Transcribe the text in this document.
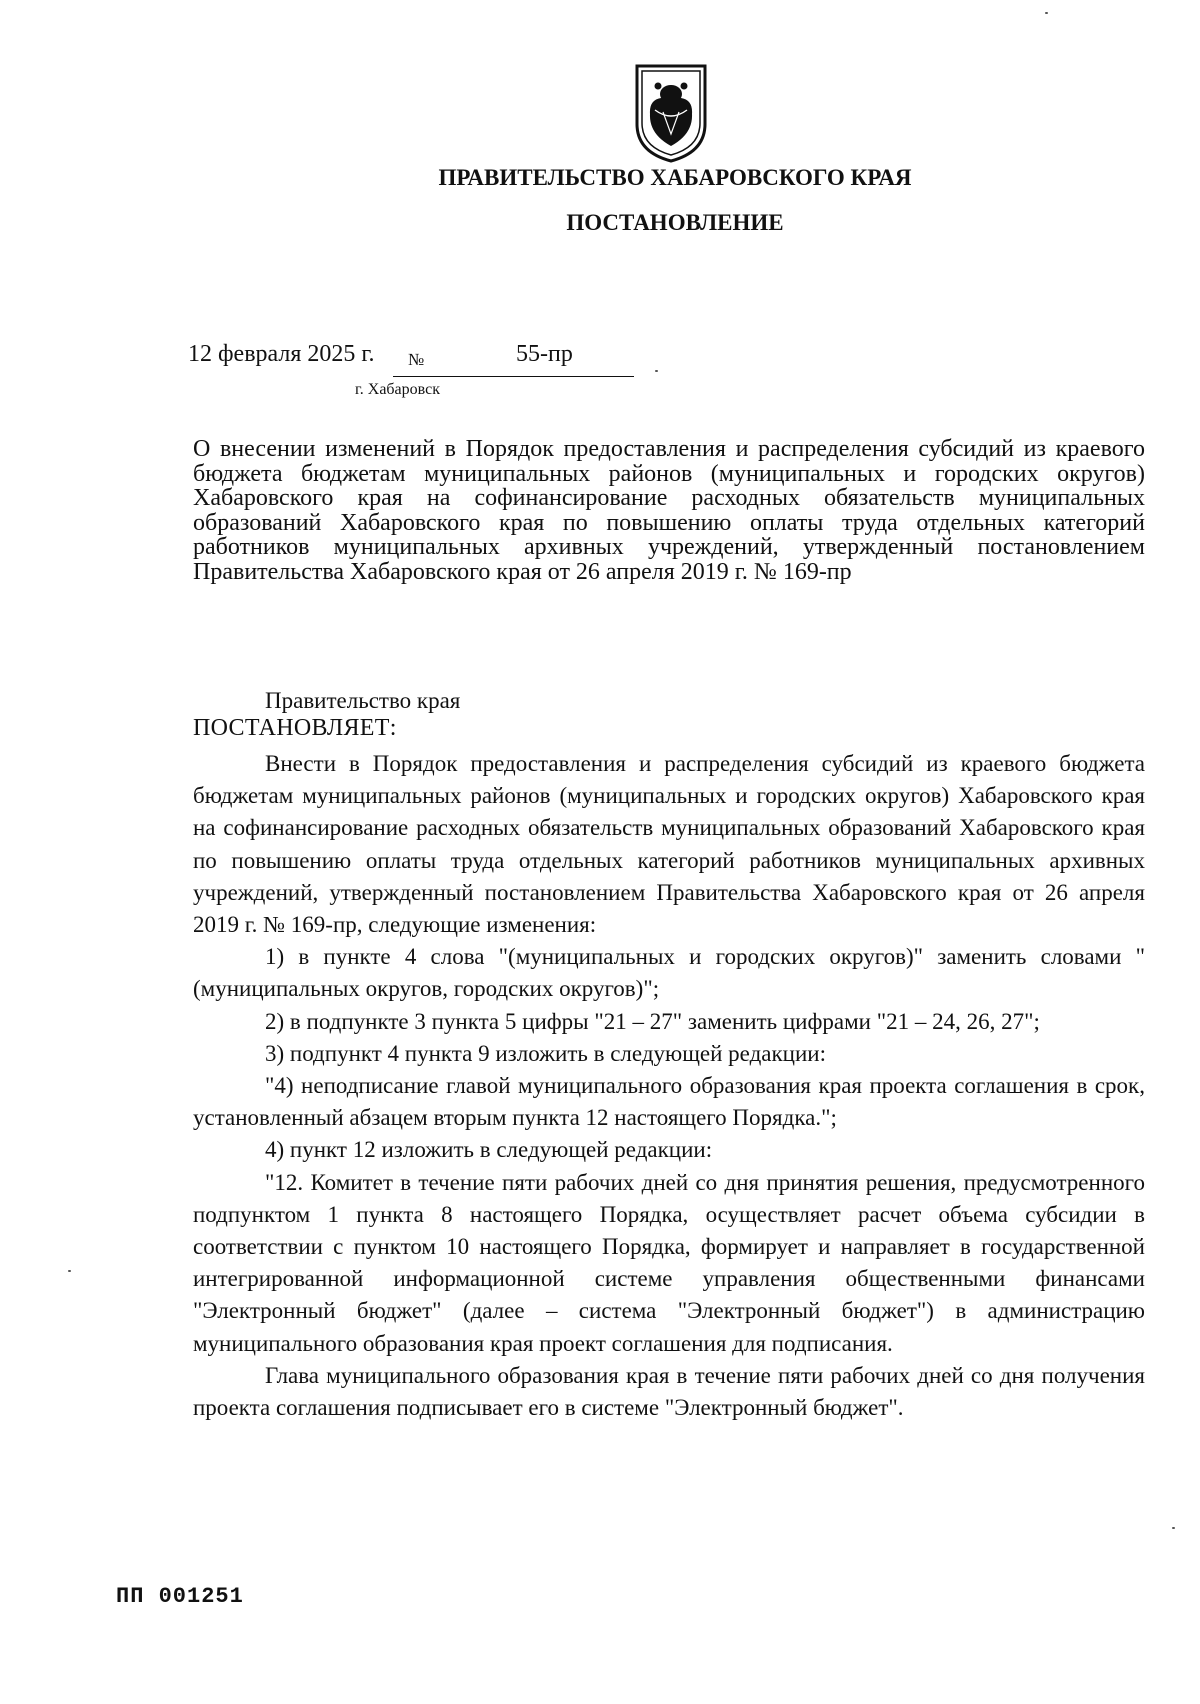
ПРАВИТЕЛЬСТВО ХАБАРОВСКОГО КРАЯ
ПОСТАНОВЛЕНИЕ
12 февраля 2025 г. №	55-пр
г. Хабаровск

О внесении изменений в Порядок предоставления и распределения субсидий из краевого бюджета бюджетам муниципальных районов (муниципальных и городских округов) Хабаровского края на софинансирование расходных обязательств муниципальных образований Хабаровского края по повышению оплаты труда отдельных категорий работников муниципальных архивных учреждений, утвержденный постановлением Правительства Хабаровского края от 26 апреля 2019 г. № 169-пр

Правительство края
ПОСТАНОВЛЯЕТ:

Внести в Порядок предоставления и распределения субсидий из краевого бюджета бюджетам муниципальных районов (муниципальных и городских округов) Хабаровского края на софинансирование расходных обязательств муниципальных образований Хабаровского края по повышению оплаты труда отдельных категорий работников муниципальных архивных учреждений, утвержденный постановлением Правительства Хабаровского края от 26 апреля 2019 г. № 169-пр, следующие изменения:

1) в пункте 4 слова "(муниципальных и городских округов)" заменить словами "(муниципальных округов, городских округов)";

2) в подпункте 3 пункта 5 цифры "21 – 27" заменить цифрами "21 – 24, 26, 27";

3) подпункт 4 пункта 9 изложить в следующей редакции:

"4) неподписание главой муниципального образования края проекта соглашения в срок, установленный абзацем вторым пункта 12 настоящего Порядка.";

4) пункт 12 изложить в следующей редакции:

"12. Комитет в течение пяти рабочих дней со дня принятия решения, предусмотренного подпунктом 1 пункта 8 настоящего Порядка, осуществляет расчет объема субсидии в соответствии с пунктом 10 настоящего Порядка, формирует и направляет в государственной интегрированной информационной системе управления общественными финансами "Электронный бюджет" (далее – система "Электронный бюджет") в администрацию муниципального образования края проект соглашения для подписания.

Глава муниципального образования края в течение пяти рабочих дней со дня получения проекта соглашения подписывает его в системе "Электронный бюджет".

ПП 001251
